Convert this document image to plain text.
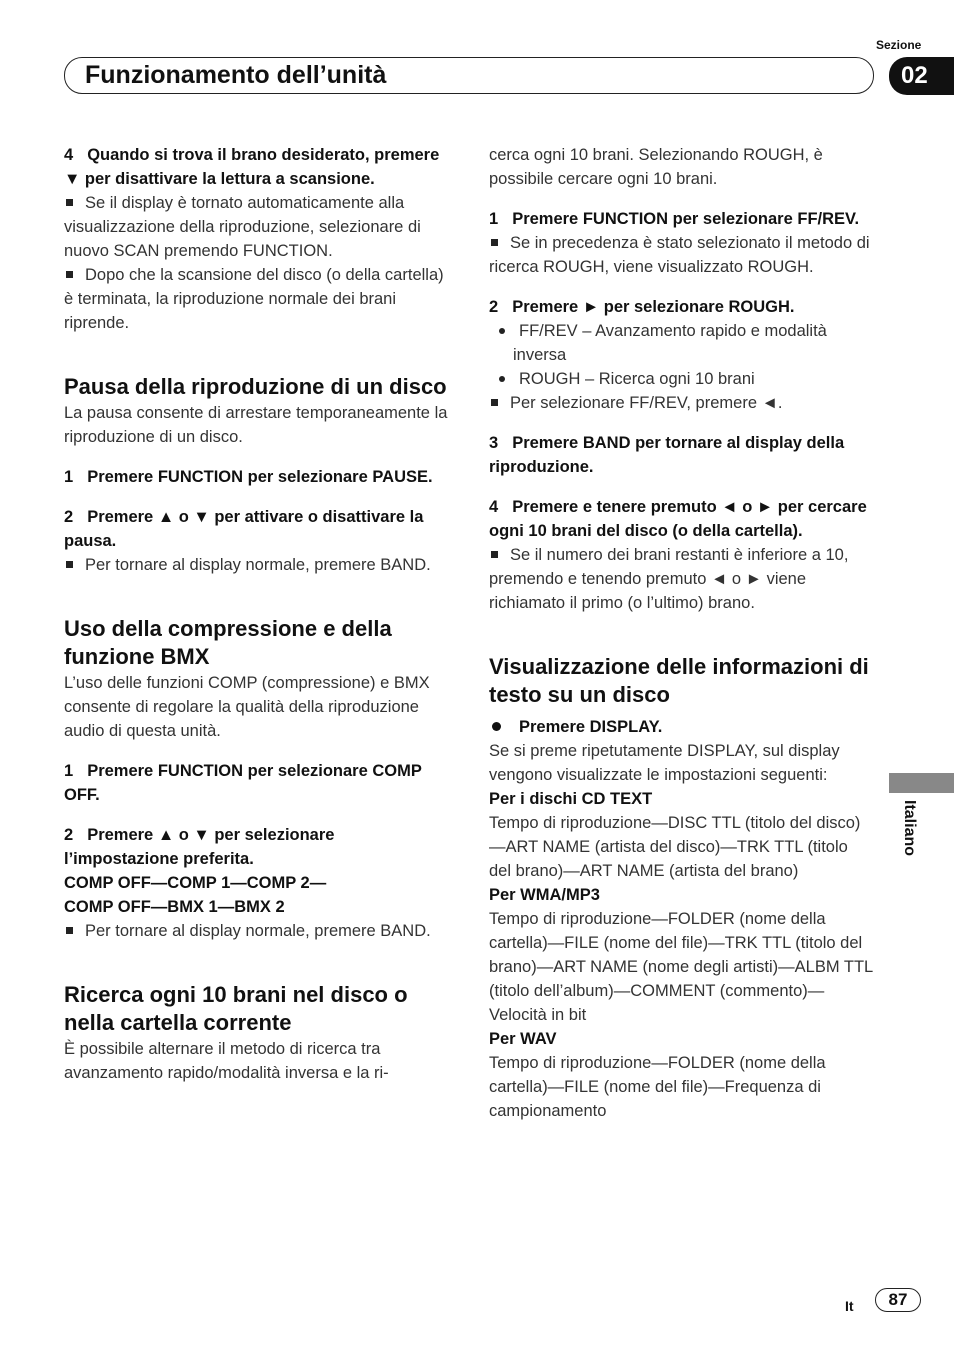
Sezione
Funzionamento dell’unità	02
Italiano

4 Quando si trova il brano desiderato, premere ▼ per disattivare la lettura a scansione.

Se il display è tornato automaticamente alla visualizzazione della riproduzione, selezionare di nuovo SCAN premendo FUNCTION.

Dopo che la scansione del disco (o della cartella) è terminata, la riproduzione normale dei brani riprende.

Pausa della riproduzione di un disco

La pausa consente di arrestare temporaneamente la riproduzione di un disco.

1 Premere FUNCTION per selezionare PAUSE.

2 Premere ▲ o ▼ per attivare o disattivare la pausa.

Per tornare al display normale, premere BAND.

Uso della compressione e della funzione BMX

L’uso delle funzioni COMP (compressione) e BMX consente di regolare la qualità della riproduzione audio di questa unità.

1 Premere FUNCTION per selezionare COMP OFF.

2 Premere ▲ o ▼ per selezionare l’impostazione preferita.

COMP OFF—COMP 1—COMP 2—

COMP OFF—BMX 1—BMX 2

Per tornare al display normale, premere BAND.

Ricerca ogni 10 brani nel disco o nella cartella corrente

È possibile alternare il metodo di ricerca tra avanzamento rapido/modalità inversa e la ri-

cerca ogni 10 brani. Selezionando ROUGH, è possibile cercare ogni 10 brani.

1 Premere FUNCTION per selezionare FF/REV.

Se in precedenza è stato selezionato il metodo di ricerca ROUGH, viene visualizzato ROUGH.

2 Premere ► per selezionare ROUGH.

FF/REV – Avanzamento rapido e modalità inversa

ROUGH – Ricerca ogni 10 brani

Per selezionare FF/REV, premere ◄.

3 Premere BAND per tornare al display della riproduzione.

4 Premere e tenere premuto ◄ o ► per cercare ogni 10 brani del disco (o della cartella).

Se il numero dei brani restanti è inferiore a 10, premendo e tenendo premuto ◄ o ► viene richiamato il primo (o l’ultimo) brano.

Visualizzazione delle informazioni di testo su un disco

Premere DISPLAY.

Se si preme ripetutamente DISPLAY, sul display vengono visualizzate le impostazioni seguenti:

Per i dischi CD TEXT

Tempo di riproduzione—DISC TTL (titolo del disco)—ART NAME (artista del disco)—TRK TTL (titolo del brano)—ART NAME (artista del brano)

Per WMA/MP3

Tempo di riproduzione—FOLDER (nome della cartella)—FILE (nome del file)—TRK TTL (titolo del brano)—ART NAME (nome degli artisti)—ALBM TTL (titolo dell’album)—COMMENT (commento)—Velocità in bit

Per WAV

Tempo di riproduzione—FOLDER (nome della cartella)—FILE (nome del file)—Frequenza di campionamento

It	87
